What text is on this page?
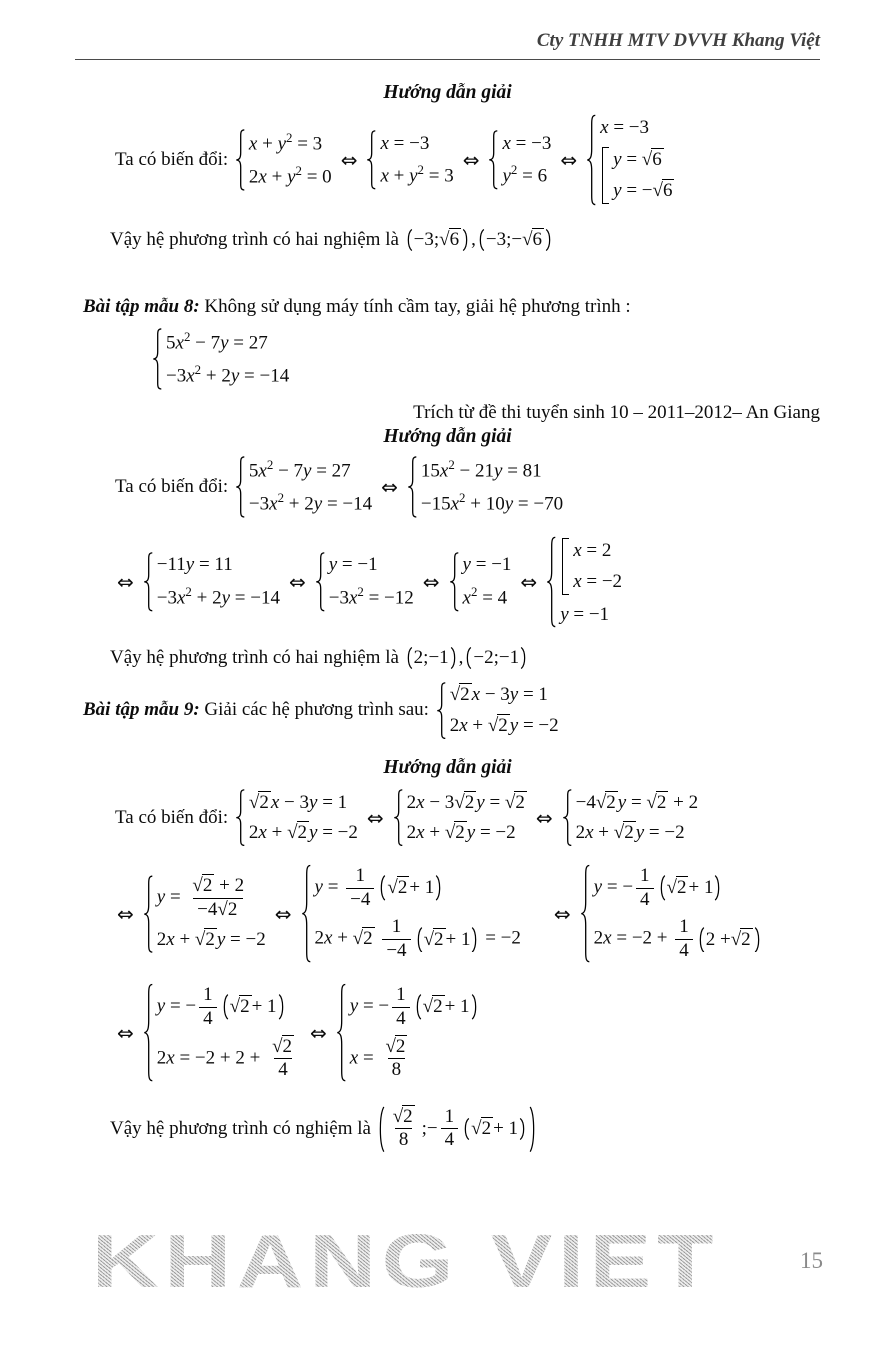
Cty TNHH MTV DVVH Khang Việt
Hướng dẫn giải
Ta có biến đổi:
$x + y^2 = 3$
$2x + y^2 = 0$
⇔
x = −3
$x + y^2 = 3$
⇔
x = −3
$y^2 = 6$
⇔
x = −3
y = √6
y = −√6
Vậy hệ phương trình có hai nghiệm là −3; √6 , −3;− √6
Bài tập mẫu 8: Không sử dụng máy tính cầm tay, giải hệ phương trình :
$5x^2 - 7y = 27$
$-3x^2 + 2y = -14$
Trích từ đề thi tuyển sinh 10 – 2011–2012– An Giang
Hướng dẫn giải
Ta có biến đổi:
$5x^2 - 7y = 27$
$-3x^2 + 2y = -14$
⇔
$15x^2 - 21y = 81$
$-15x^2 + 10y = -70$
⇔
−11y = 11
$-3x^2 + 2y = -14$
⇔
y = −1
$-3x^2 = -12$
⇔
y = −1
$x^2 = 4$
⇔
x = 2
x = −2
y = −1
Vậy hệ phương trình có hai nghiệm là 2;−1 , −2;−1
Bài tập mẫu 9: Giải các hệ phương trình sau:
√2 x − 3y = 1
2x + √2 y = −2
Hướng dẫn giải
Ta có biến đổi:
√2 x − 3y = 1
2x + √2 y = −2
⇔
2x − 3√2 y = √2
2x + √2 y = −2
⇔
−4√2 y = √2 + 2
2x + √2 y = −2
⇔
$y = \frac{√2 + 2}{-4√2}$
2x + √2 y = −2
⇔
$y = \frac{1}{-4} √2 + 1$
$2x + √2 \frac{1}{-4} √2 + 1 = -2$
⇔
y = − $\frac{1}{4} √2 + 1$
$2x = -2 + \frac{1}{4} 2 + √2$
⇔
y = − $\frac{1}{4} √2 + 1$
$2x = -2 + 2 + \frac{√2}{4}$
⇔
y = − $\frac{1}{4} √2 + 1$
$x = \frac{√2}{8}$
Vậy hệ phương trình có nghiệm là
√2
8
;−
1
4
√2 + 1
KHANG VIET	15
